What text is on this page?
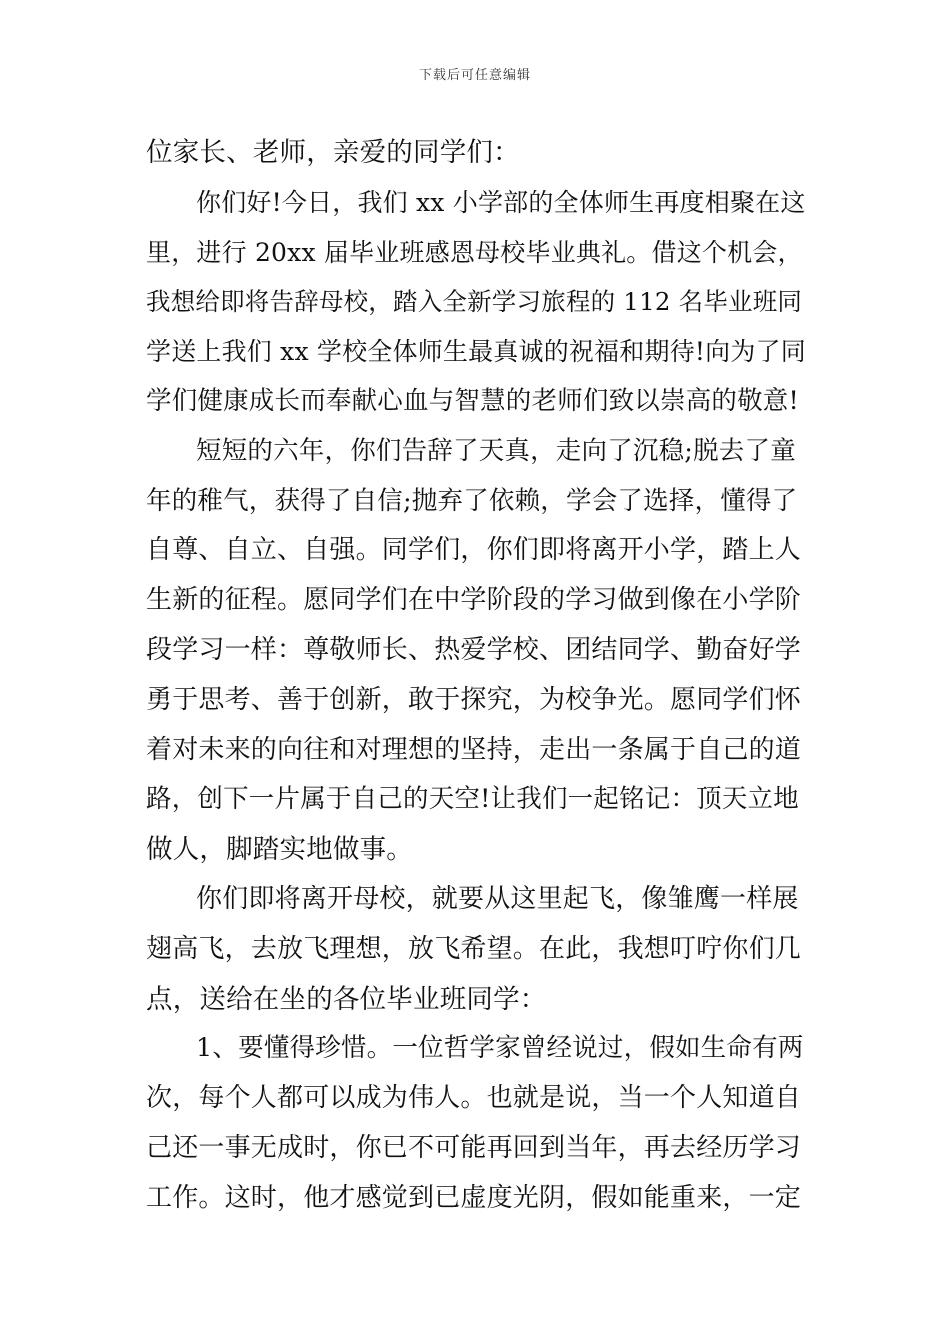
下载后可任意编辑
位家长、老师，亲爱的同学们：
你们好!今日，我们 xx 小学部的全体师生再度相聚在这
里，进行 20xx 届毕业班感恩母校毕业典礼。借这个机会，
我想给即将告辞母校，踏入全新学习旅程的 112 名毕业班同
学送上我们 xx 学校全体师生最真诚的祝福和期待!向为了同
学们健康成长而奉献心血与智慧的老师们致以崇高的敬意!
短短的六年，你们告辞了天真，走向了沉稳;脱去了童
年的稚气，获得了自信;抛弃了依赖，学会了选择，懂得了
自尊、自立、自强。同学们，你们即将离开小学，踏上人
生新的征程。愿同学们在中学阶段的学习做到像在小学阶
段学习一样：尊敬师长、热爱学校、团结同学、勤奋好学
勇于思考、善于创新，敢于探究，为校争光。愿同学们怀
着对未来的向往和对理想的坚持，走出一条属于自己的道
路，创下一片属于自己的天空!让我们一起铭记：顶天立地
做人，脚踏实地做事。
你们即将离开母校，就要从这里起飞，像雏鹰一样展
翅高飞，去放飞理想，放飞希望。在此，我想叮咛你们几
点，送给在坐的各位毕业班同学：
1、要懂得珍惜。一位哲学家曾经说过，假如生命有两
次，每个人都可以成为伟人。也就是说，当一个人知道自
己还一事无成时，你已不可能再回到当年，再去经历学习
工作。这时，他才感觉到已虚度光阴，假如能重来，一定
